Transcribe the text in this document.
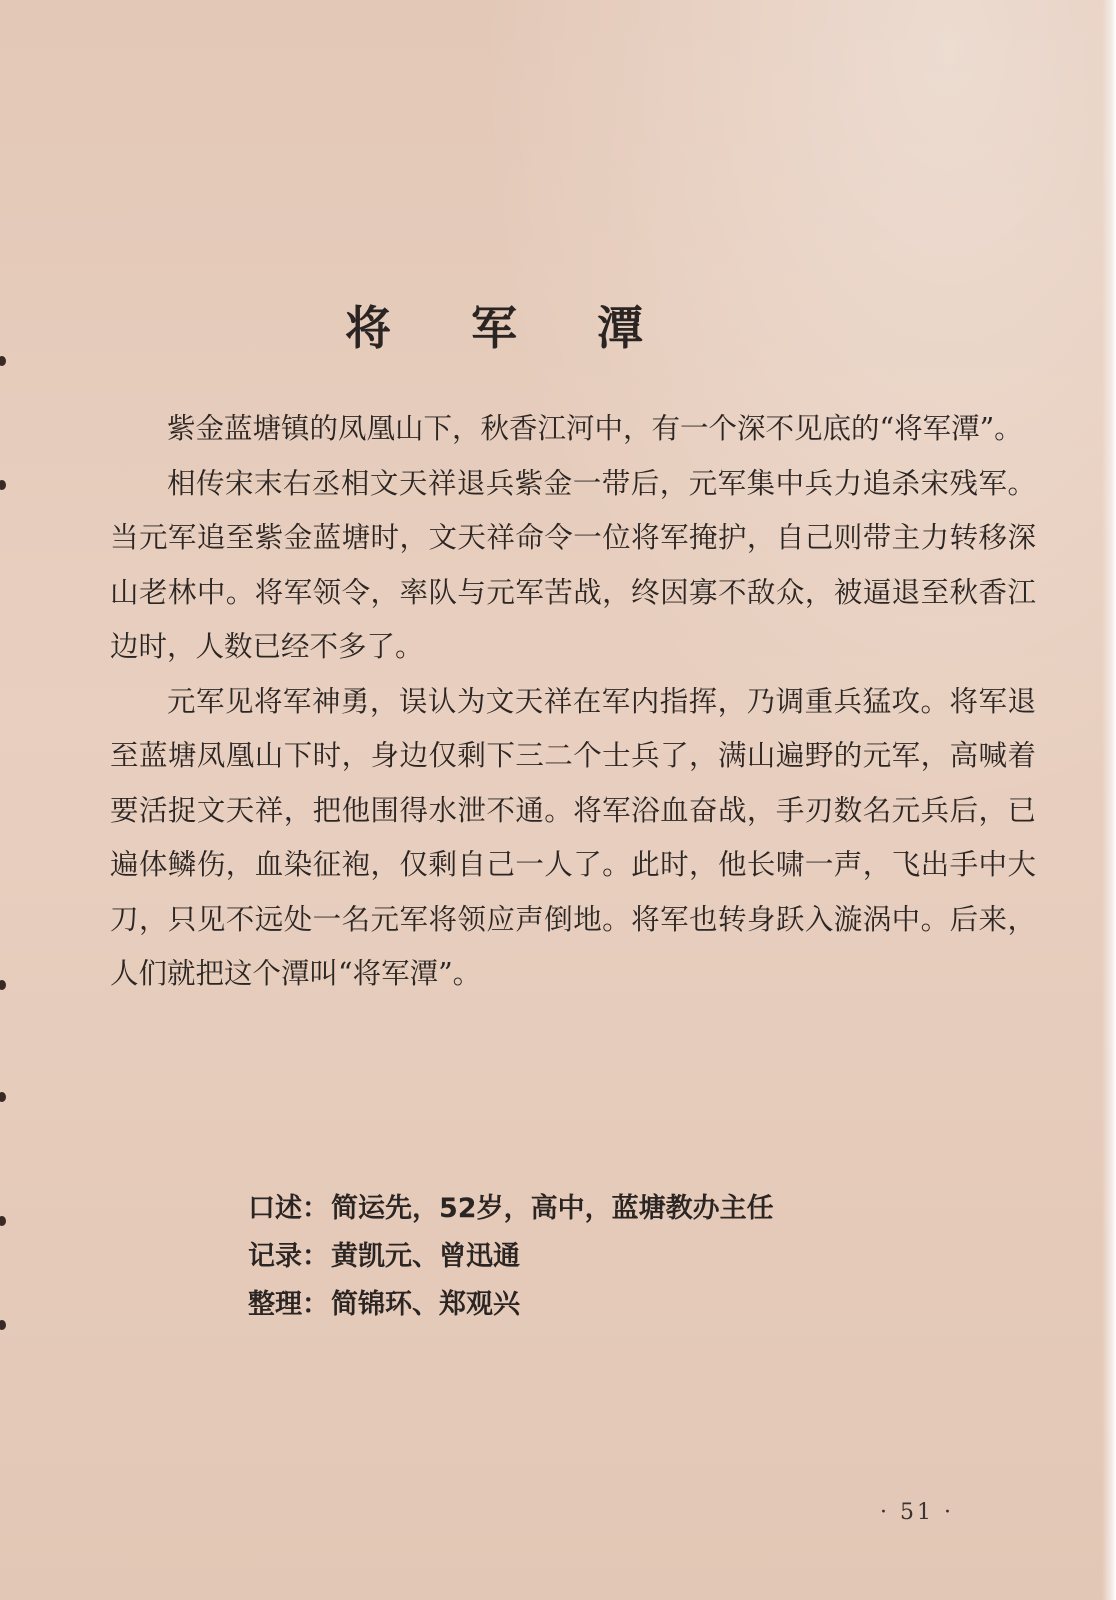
将 军 潭

紫金蓝塘镇的凤凰山下，秋香江河中，有一个深不见底的“将军潭”。

相传宋末右丞相文天祥退兵紫金一带后，元军集中兵力追杀宋残军。当元军追至紫金蓝塘时，文天祥命令一位将军掩护，自己则带主力转移深山老林中。将军领令，率队与元军苦战，终因寡不敌众，被逼退至秋香江边时，人数已经不多了。

元军见将军神勇，误认为文天祥在军内指挥，乃调重兵猛攻。将军退至蓝塘凤凰山下时，身边仅剩下三二个士兵了，满山遍野的元军，高喊着要活捉文天祥，把他围得水泄不通。将军浴血奋战，手刃数名元兵后，已遍体鳞伤，血染征袍，仅剩自己一人了。此时，他长啸一声，飞出手中大刀，只见不远处一名元军将领应声倒地。将军也转身跃入漩涡中。后来，人们就把这个潭叫“将军潭”。

口述：简运先，52岁，高中，蓝塘教办主任
记录：黄凯元、曾迅通
整理：简锦环、郑观兴
· 51 ·
